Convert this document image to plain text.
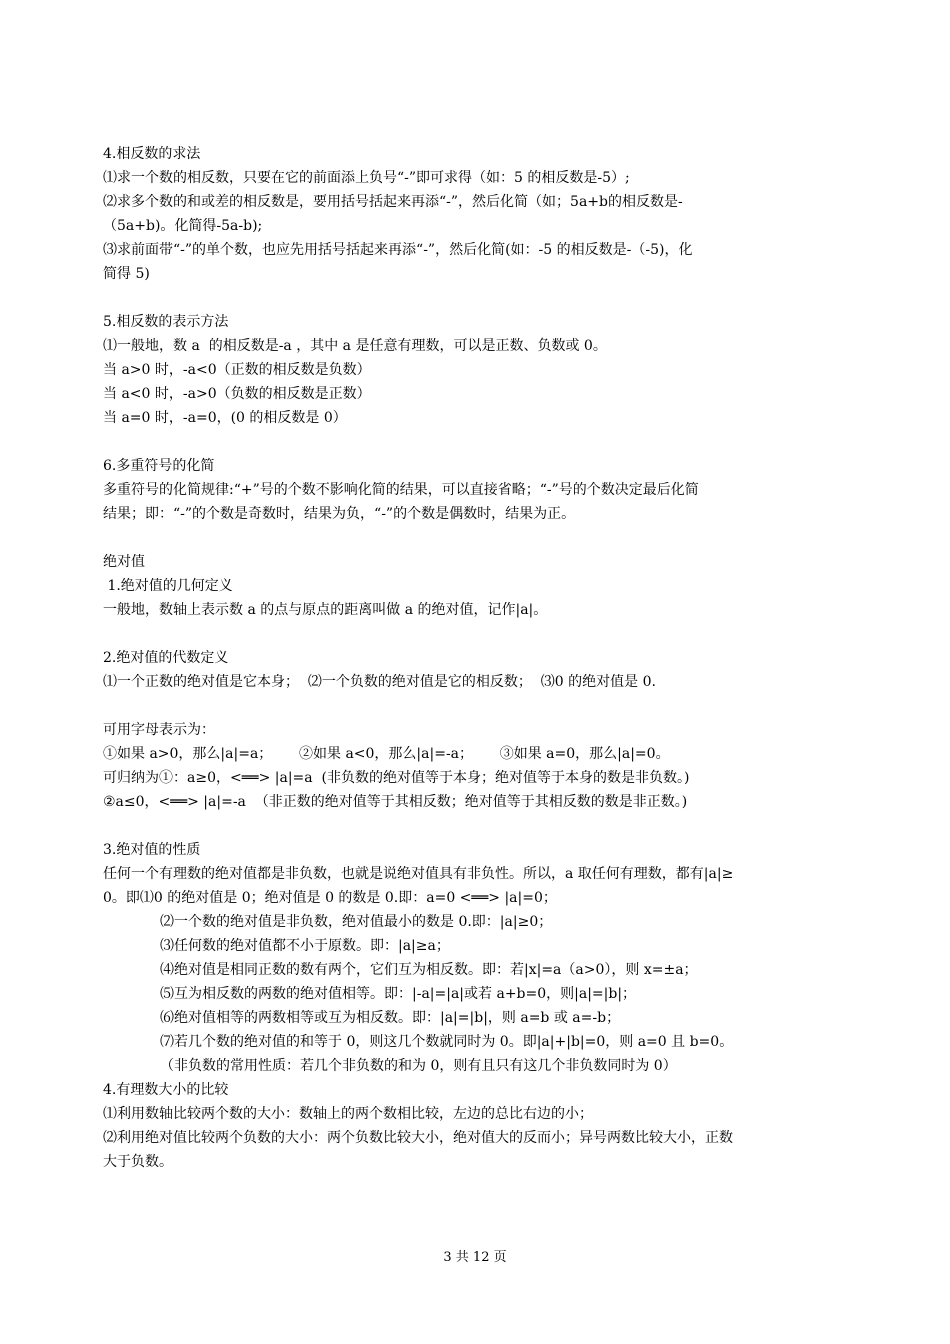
4.相反数的求法
⑴求一个数的相反数，只要在它的前面添上负号“-”即可求得（如：5 的相反数是-5）;
⑵求多个数的和或差的相反数是，要用括号括起来再添“-”，然后化简（如；5a+b的相反数是-
（5a+b)。化简得-5a-b);
⑶求前面带“-”的单个数，也应先用括号括起来再添“-”，然后化简(如：-5 的相反数是-（-5)，化
简得 5)
5.相反数的表示方法
⑴一般地，数 a  的相反数是-a ，其中 a 是任意有理数，可以是正数、负数或 0。
当 a>0 时，-a<0（正数的相反数是负数）
当 a<0 时，-a>0（负数的相反数是正数）
当 a=0 时，-a=0，(0 的相反数是 0）
6.多重符号的化简
多重符号的化简规律:“+”号的个数不影响化简的结果，可以直接省略；“-”号的个数决定最后化简
结果；即：“-”的个数是奇数时，结果为负，“-”的个数是偶数时，结果为正。
绝对值
1.绝对值的几何定义
一般地，数轴上表示数 a 的点与原点的距离叫做 a 的绝对值，记作|a|。
2.绝对值的代数定义
⑴一个正数的绝对值是它本身；  ⑵一个负数的绝对值是它的相反数；  ⑶0 的绝对值是 0.
可用字母表示为：
①如果 a>0，那么|a|=a；      ②如果 a<0，那么|a|=-a；      ③如果 a=0，那么|a|=0。
可归纳为①：a≥0，<══> |a|=a  (非负数的绝对值等于本身；绝对值等于本身的数是非负数。)
②a≤0，<══> |a|=-a  （非正数的绝对值等于其相反数；绝对值等于其相反数的数是非正数。)
3.绝对值的性质
任何一个有理数的绝对值都是非负数，也就是说绝对值具有非负性。所以，a 取任何有理数，都有|a|≥
0。即⑴0 的绝对值是 0；绝对值是 0 的数是 0.即：a=0 <══> |a|=0；
⑵一个数的绝对值是非负数，绝对值最小的数是 0.即：|a|≥0；
⑶任何数的绝对值都不小于原数。即：|a|≥a；
⑷绝对值是相同正数的数有两个，它们互为相反数。即：若|x|=a（a>0），则 x=±a；
⑸互为相反数的两数的绝对值相等。即：|-a|=|a|或若 a+b=0，则|a|=|b|；
⑹绝对值相等的两数相等或互为相反数。即：|a|=|b|，则 a=b 或 a=-b；
⑺若几个数的绝对值的和等于 0，则这几个数就同时为 0。即|a|+|b|=0，则 a=0 且 b=0。
（非负数的常用性质：若几个非负数的和为 0，则有且只有这几个非负数同时为 0）
4.有理数大小的比较
⑴利用数轴比较两个数的大小：数轴上的两个数相比较，左边的总比右边的小；
⑵利用绝对值比较两个负数的大小：两个负数比较大小，绝对值大的反而小；异号两数比较大小，正数
大于负数。
3 共 12 页
